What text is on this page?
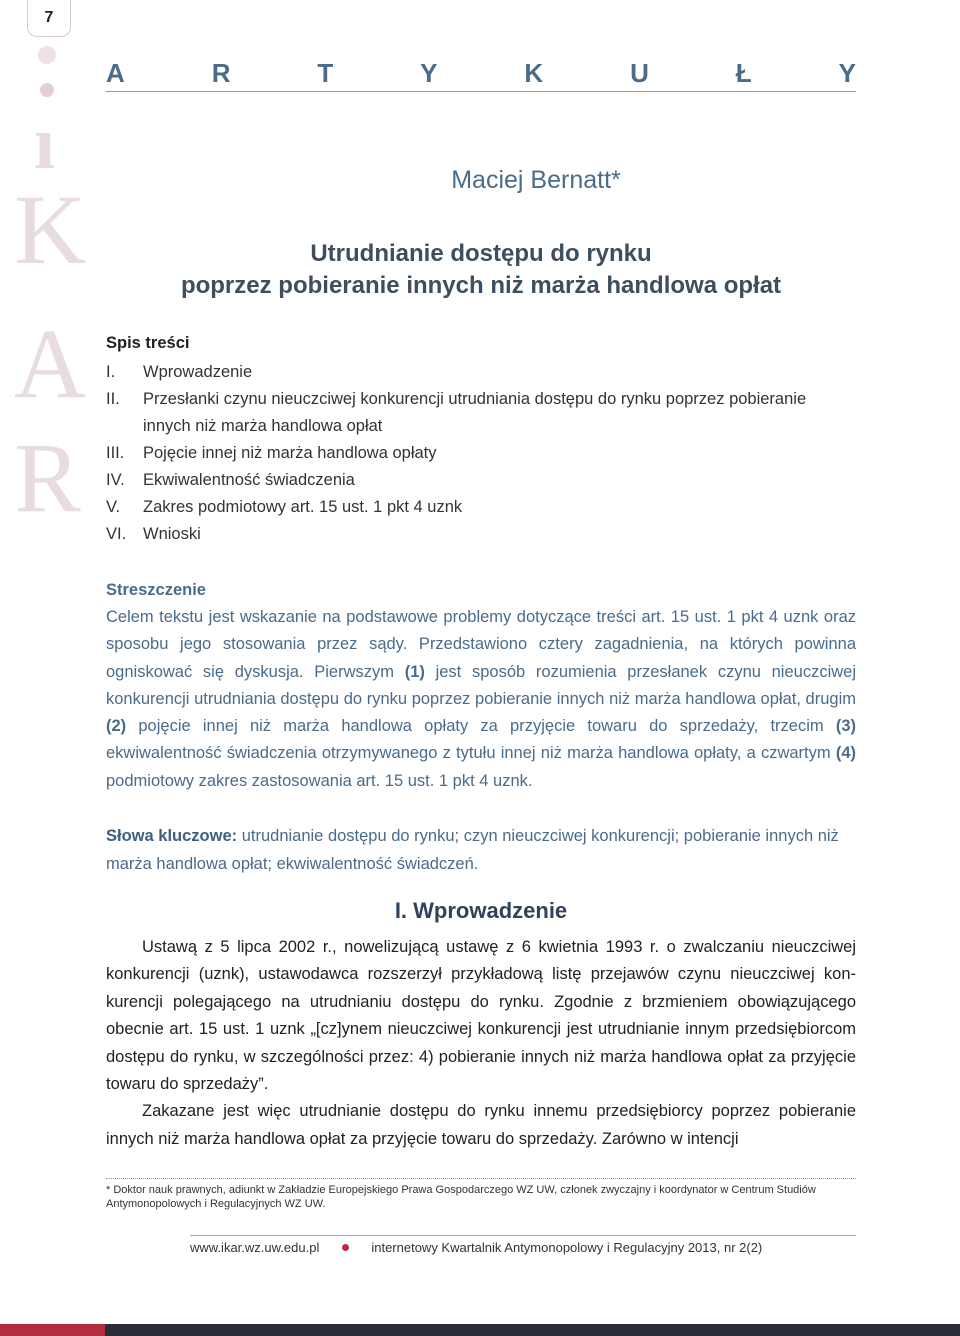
7
ı
K
A
R
A	R	T	Y	K	U	Ł	Y
Maciej Bernatt*
Utrudnianie dostępu do rynku
poprzez pobieranie innych niż marża handlowa opłat
Spis treści
I.	Wprowadzenie
II.	Przesłanki czynu nieuczciwej konkurencji utrudniania dostępu do rynku poprzez pobieranie innych niż marża handlowa opłat
III.	Pojęcie innej niż marża handlowa opłaty
IV.	Ekwiwalentność świadczenia
V.	Zakres podmiotowy art. 15 ust. 1 pkt 4 uznk
VI.	Wnioski
Streszczenie
Celem tekstu jest wskazanie na podstawowe problemy dotyczące treści art. 15 ust. 1 pkt 4 uznk oraz sposobu jego stosowania przez sądy. Przedstawiono cztery zagadnienia, na których powinna ogniskować się dyskusja. Pierwszym (1) jest sposób rozumienia przesłanek czynu nieuczciwej konkurencji utrudniania dostępu do rynku poprzez pobieranie innych niż marża handlowa opłat, drugim (2) pojęcie innej niż marża handlowa opłaty za przyjęcie towaru do sprzedaży, trzecim (3) ekwiwalentność świadczenia otrzymywanego z tytułu innej niż marża handlowa opłaty, a czwartym (4) podmiotowy zakres zastosowania art. 15 ust. 1 pkt 4 uznk.
Słowa kluczowe: utrudnianie dostępu do rynku; czyn nieuczciwej konkurencji; pobieranie innych niż marża handlowa opłat; ekwiwalentność świadczeń.
I. Wprowadzenie

Ustawą z 5 lipca 2002 r., nowelizującą ustawę z 6 kwietnia 1993 r. o zwalczaniu nieuczciwej konkurencji (uznk), ustawodawca rozszerzył przykładową listę przejawów czynu nieuczciwej konkurencji polegającego na utrudnianiu dostępu do rynku. Zgodnie z brzmieniem obowiązującego obecnie art. 15 ust. 1 uznk „[cz]ynem nieuczciwej konkurencji jest utrudnianie innym przedsiębiorcom dostępu do rynku, w szczególności przez: 4) pobieranie innych niż marża handlowa opłat za przyjęcie towaru do sprzedaży”.

Zakazane jest więc utrudnianie dostępu do rynku innemu przedsiębiorcy poprzez pobieranie innych niż marża handlowa opłat za przyjęcie towaru do sprzedaży. Zarówno w intencji

* Doktor nauk prawnych, adiunkt w Zakładzie Europejskiego Prawa Gospodarczego WZ UW, członek zwyczajny i koordynator w Centrum Studiów Antymonopolowych i Regulacyjnych WZ UW.
www.ikar.wz.uw.edu.pl	internetowy Kwartalnik Antymonopolowy i Regulacyjny 2013, nr 2(2)
